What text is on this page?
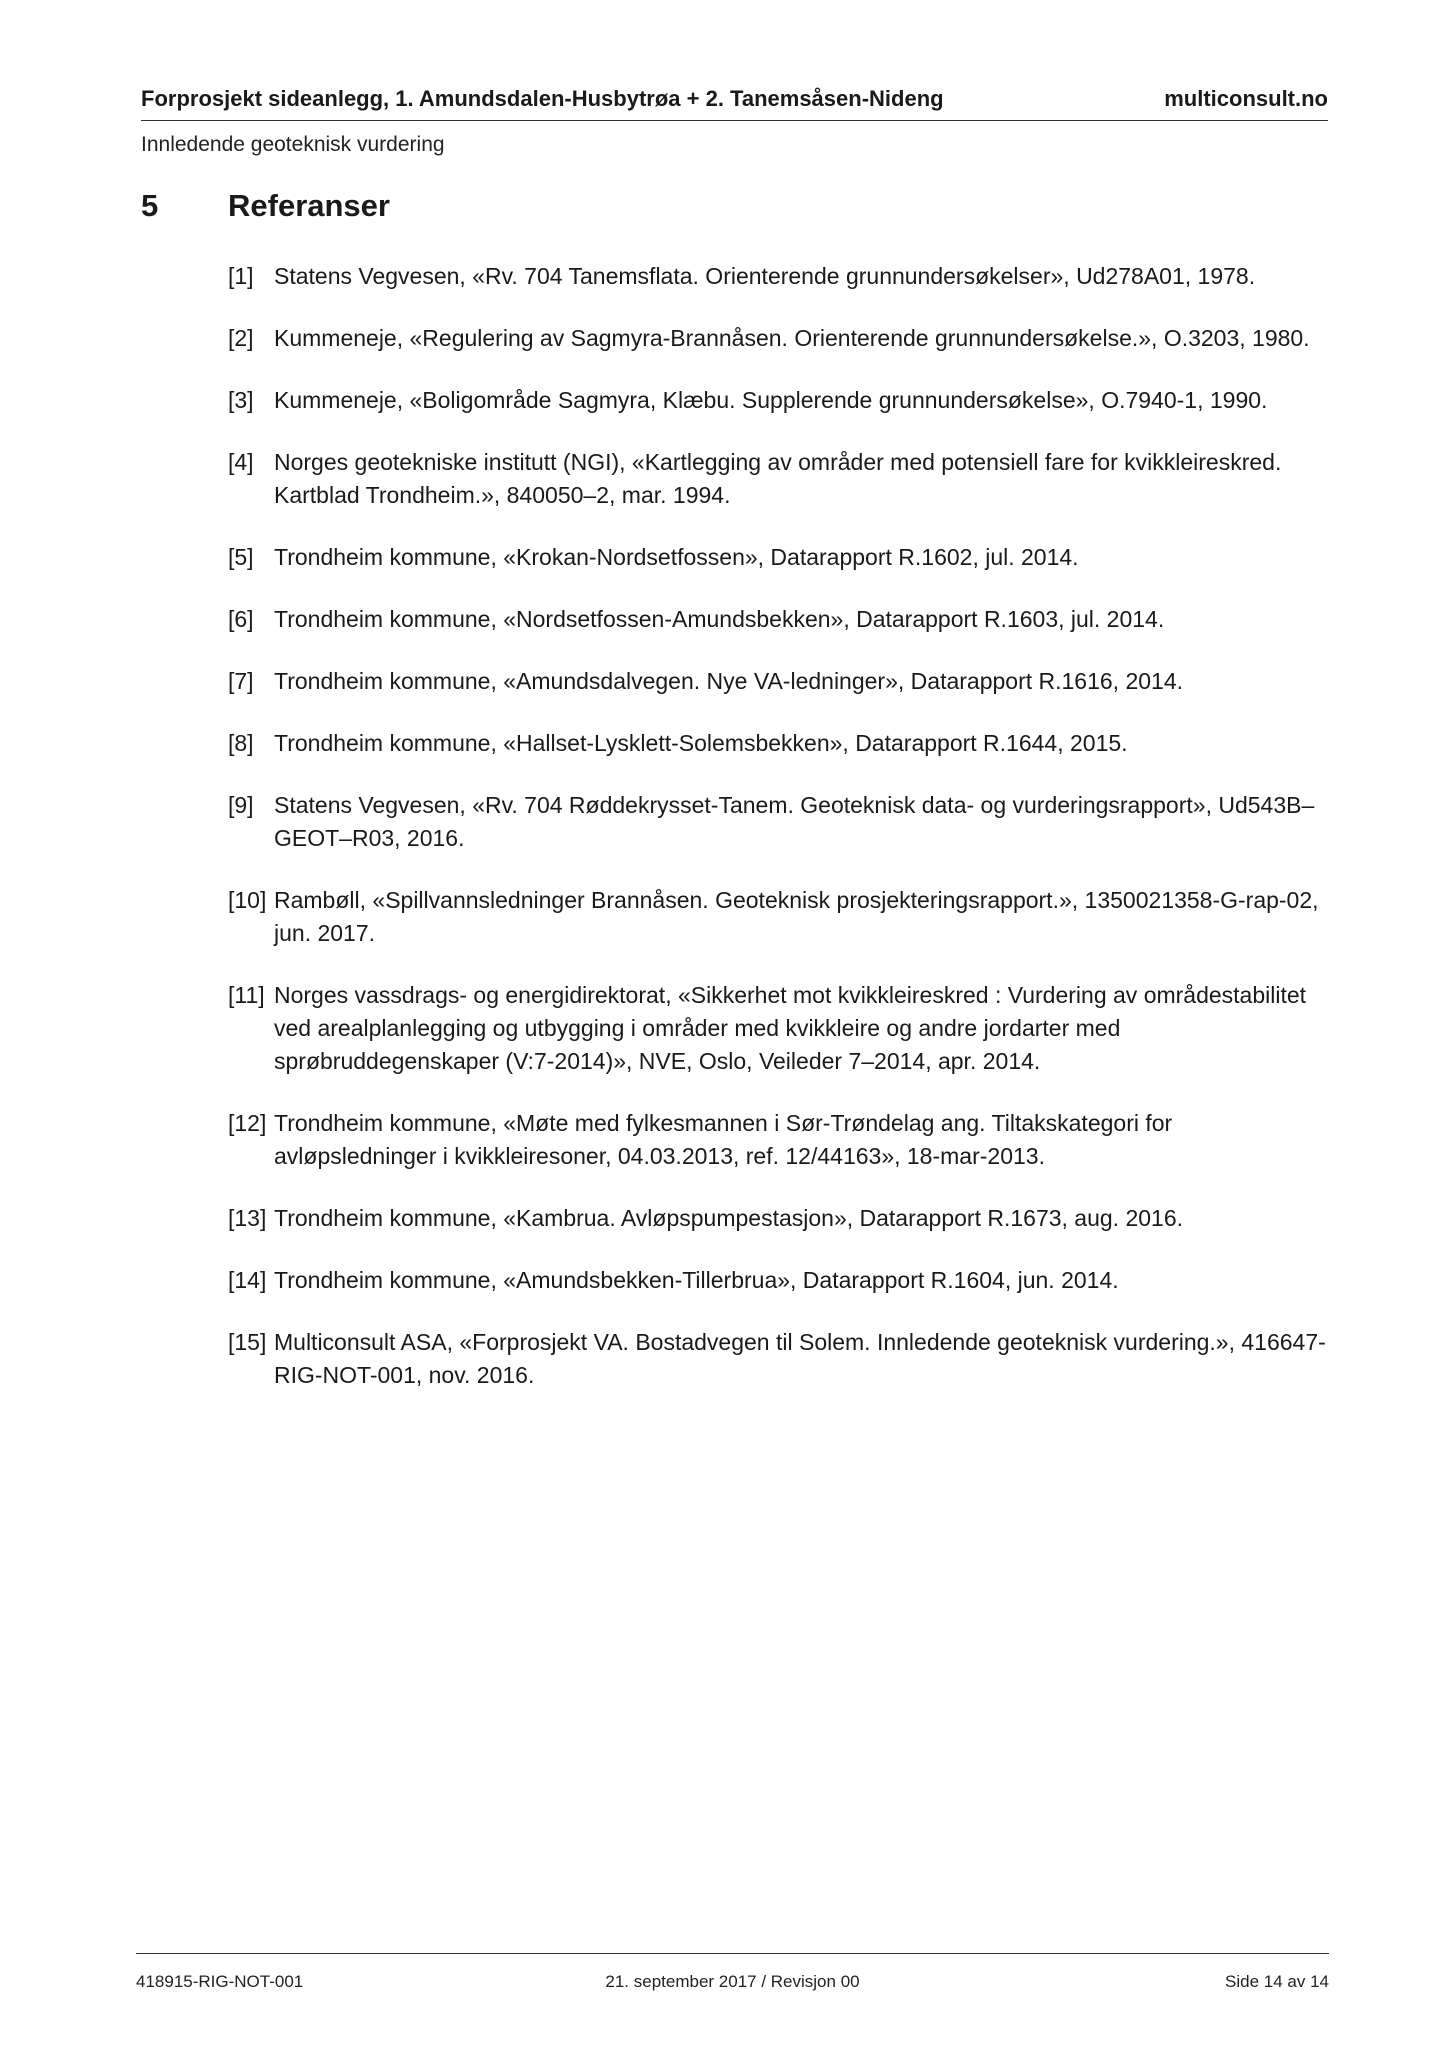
Forprosjekt sideanlegg, 1. Amundsdalen-Husbytrøa + 2. Tanemsåsen-Nideng	multiconsult.no
Innledende geoteknisk vurdering
5	Referanser
[1] Statens Vegvesen, «Rv. 704 Tanemsflata. Orienterende grunnundersøkelser», Ud278A01, 1978.
[2] Kummeneje, «Regulering av Sagmyra-Brannåsen. Orienterende grunnundersøkelse.», O.3203, 1980.
[3] Kummeneje, «Boligområde Sagmyra, Klæbu. Supplerende grunnundersøkelse», O.7940-1, 1990.
[4] Norges geotekniske institutt (NGI), «Kartlegging av områder med potensiell fare for kvikkleireskred. Kartblad Trondheim.», 840050–2, mar. 1994.
[5] Trondheim kommune, «Krokan-Nordsetfossen», Datarapport R.1602, jul. 2014.
[6] Trondheim kommune, «Nordsetfossen-Amundsbekken», Datarapport R.1603, jul. 2014.
[7] Trondheim kommune, «Amundsdalvegen. Nye VA-ledninger», Datarapport R.1616, 2014.
[8] Trondheim kommune, «Hallset-Lysklett-Solemsbekken», Datarapport R.1644, 2015.
[9] Statens Vegvesen, «Rv. 704 Røddekrysset-Tanem. Geoteknisk data- og vurderingsrapport», Ud543B–GEOT–R03, 2016.
[10] Rambøll, «Spillvannsledninger Brannåsen. Geoteknisk prosjekteringsrapport.», 1350021358-G-rap-02, jun. 2017.
[11] Norges vassdrags- og energidirektorat, «Sikkerhet mot kvikkleireskred : Vurdering av områdestabilitet ved arealplanlegging og utbygging i områder med kvikkleire og andre jordarter med sprøbruddegenskaper (V:7-2014)», NVE, Oslo, Veileder 7–2014, apr. 2014.
[12] Trondheim kommune, «Møte med fylkesmannen i Sør-Trøndelag ang. Tiltakskategori for avløpsledninger i kvikkleiresoner, 04.03.2013, ref. 12/44163», 18-mar-2013.
[13] Trondheim kommune, «Kambrua. Avløpspumpestasjon», Datarapport R.1673, aug. 2016.
[14] Trondheim kommune, «Amundsbekken-Tillerbrua», Datarapport R.1604, jun. 2014.
[15] Multiconsult ASA, «Forprosjekt VA. Bostadvegen til Solem. Innledende geoteknisk vurdering.», 416647-RIG-NOT-001, nov. 2016.
418915-RIG-NOT-001	21. september 2017 / Revisjon 00	Side 14 av 14
